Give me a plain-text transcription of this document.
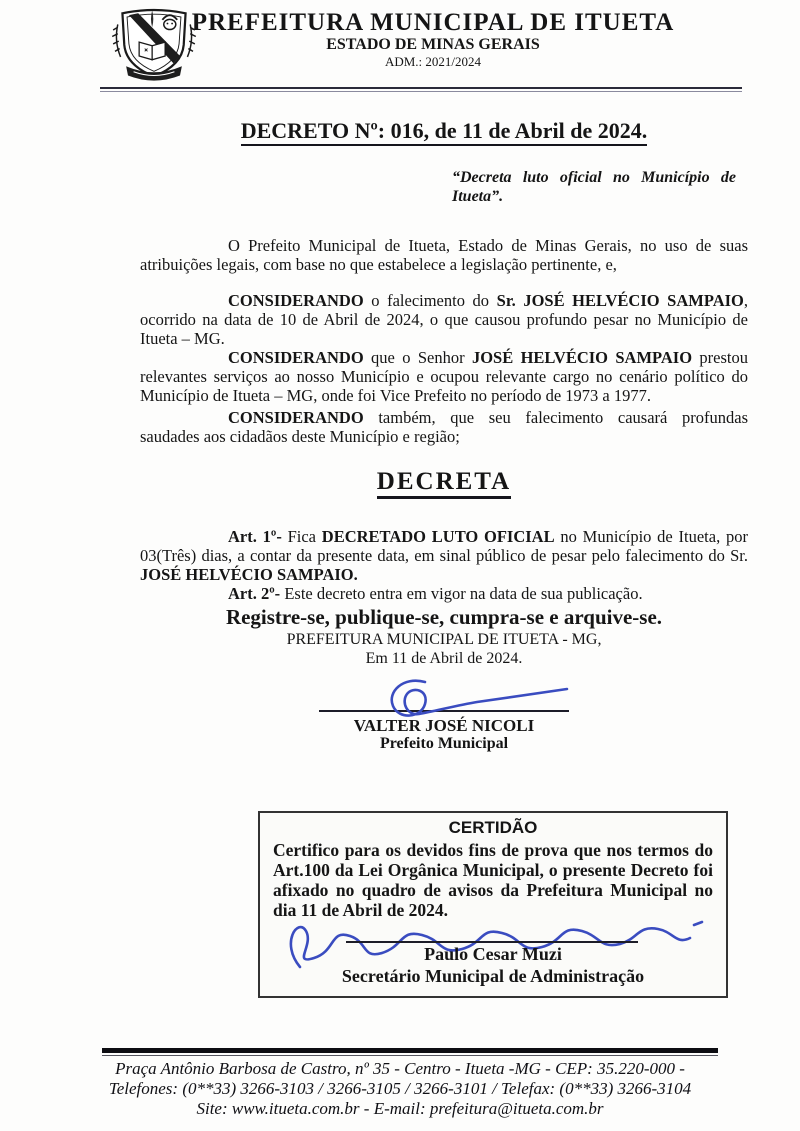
PREFEITURA MUNICIPAL DE ITUETA
ESTADO DE MINAS GERAIS
ADM.: 2021/2024
DECRETO Nº: 016, de 11 de Abril de 2024.
“Decreta luto oficial no Município de
Itueta”.

O Prefeito Municipal de Itueta, Estado de Minas Gerais, no uso de suas atribuições legais, com base no que estabelece a legislação pertinente, e,

CONSIDERANDO o falecimento do Sr. JOSÉ HELVÉCIO SAMPAIO, ocorrido na data de 10 de Abril de 2024, o que causou profundo pesar no Município de Itueta – MG.

CONSIDERANDO que o Senhor JOSÉ HELVÉCIO SAMPAIO prestou relevantes serviços ao nosso Município e ocupou relevante cargo no cenário político do Município de Itueta – MG, onde foi Vice Prefeito no período de 1973 a 1977.

CONSIDERANDO também, que seu falecimento causará profundas saudades aos cidadãos deste Município e região;

DECRETA

Art. 1º- Fica DECRETADO LUTO OFICIAL no Município de Itueta, por 03(Três) dias, a contar da presente data, em sinal público de pesar pelo falecimento do Sr. JOSÉ HELVÉCIO SAMPAIO.

Art. 2º- Este decreto entra em vigor na data de sua publicação.

Registre-se, publique-se, cumpra-se e arquive-se.
PREFEITURA MUNICIPAL DE ITUETA - MG,
Em 11 de Abril de 2024.
VALTER JOSÉ NICOLI
Prefeito Municipal
CERTIDÃO

Certifico para os devidos fins de prova que nos termos do Art.100 da Lei Orgânica Municipal, o presente Decreto foi afixado no quadro de avisos da Prefeitura Municipal no dia 11 de Abril de 2024.

Paulo Cesar Muzi
Secretário Municipal de Administração
Praça Antônio Barbosa de Castro, nº 35 - Centro - Itueta -MG - CEP: 35.220-000 -
Telefones: (0**33) 3266-3103 / 3266-3105 / 3266-3101 / Telefax: (0**33) 3266-3104
Site: www.itueta.com.br - E-mail: prefeitura@itueta.com.br
